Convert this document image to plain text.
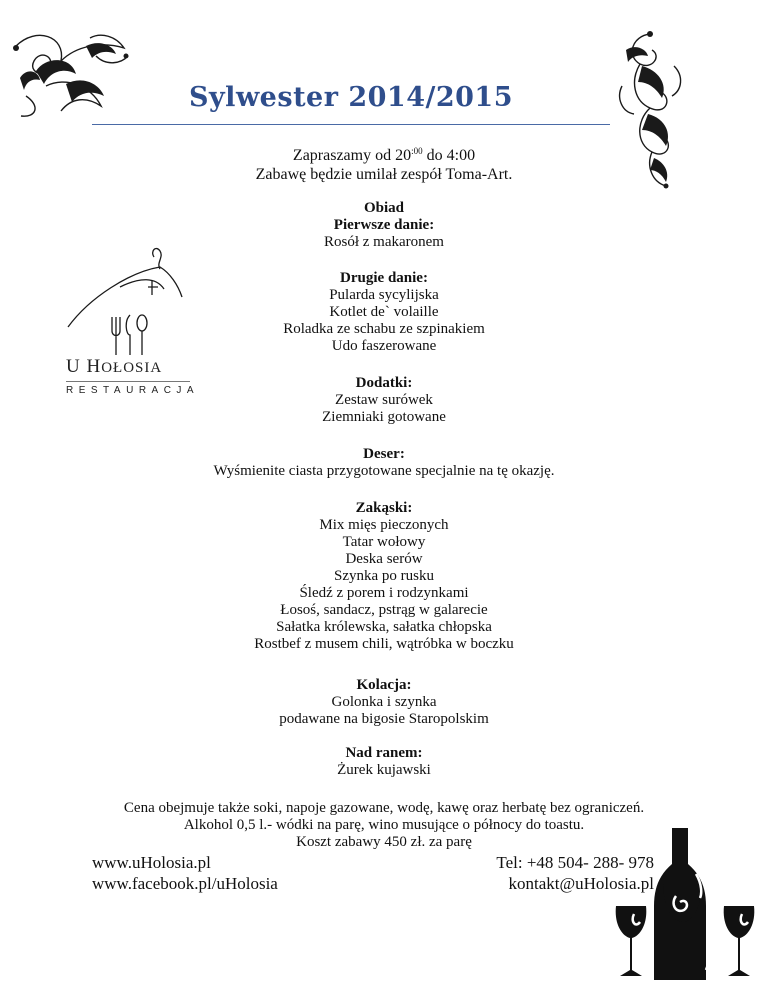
Sylwester 2014/2015
Zapraszamy od $20^{:00}$ do 4:00
Zabawę będzie umilał zespół Toma-Art.
U HOŁOSIA
RESTAURACJA
Obiad
Pierwsze danie:
Rosół z makaronem
Drugie danie:
Pularda sycylijska
Kotlet de` volaille
Roladka ze schabu ze szpinakiem
Udo faszerowane
Dodatki:
Zestaw surówek
Ziemniaki gotowane
Deser:
Wyśmienite ciasta przygotowane specjalnie na tę okazję.
Zakąski:
Mix mięs pieczonych
Tatar wołowy
Deska serów
Szynka po rusku
Śledź z porem i rodzynkami
Łosoś, sandacz, pstrąg w galarecie
Sałatka królewska, sałatka chłopska
Rostbef z musem chili, wątróbka w boczku
Kolacja:
Golonka i szynka
podawane na bigosie Staropolskim
Nad ranem:
Żurek kujawski
Cena obejmuje także soki, napoje gazowane, wodę, kawę oraz herbatę bez ograniczeń.
Alkohol 0,5 l.- wódki na parę, wino musujące o północy do toastu.
Koszt zabawy 450 zł. za parę
www.uHolosia.pl
www.facebook.pl/uHolosia
Tel: +48 504- 288- 978
kontakt@uHolosia.pl
